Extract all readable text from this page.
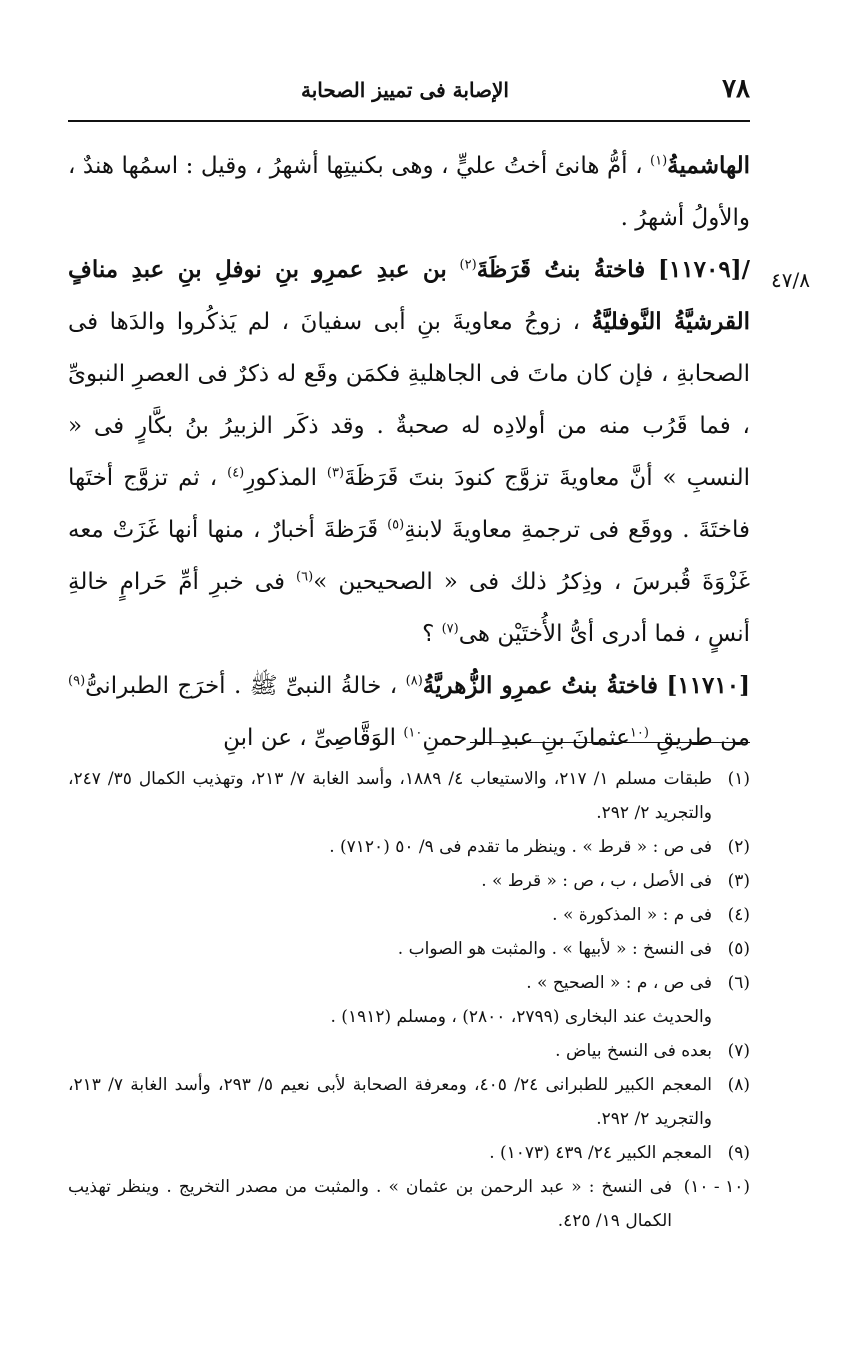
٧٨
الإصابة فى تمييز الصحابة
٤٧/٨

الهاشميةُ$^{(١)}$ ، أمُّ هانئ أختُ عليٍّ ، وهى بكنيتِها أشهرُ ، وقيل : اسمُها هندٌ ، والأولُ أشهرُ .

/[١١٧٠٩] فاختةُ بنتُ قَرَظَةَ$^{(٢)}$ بن عبدِ عمرِو بنِ نوفلِ بنِ عبدِ منافٍ القرشيَّةُ النَّوفليَّةُ ، زوجُ معاويةَ بنِ أبى سفيانَ ، لم يَذكُروا والدَها فى الصحابةِ ، فإن كان ماتَ فى الجاهليةِ فكمَن وقَع له ذكرٌ فى العصرِ النبوىِّ ، فما قَرُب منه من أولادِه له صحبةٌ . وقد ذكَر الزبيرُ بنُ بكَّارٍ فى « النسبِ » أنَّ معاويةَ تزوَّج كنودَ بنتَ قَرَظَةَ$^{(٣)}$ المذكورِ$^{(٤)}$ ، ثم تزوَّج أختَها فاختَةَ . ووقَع فى ترجمةِ معاويةَ لابنةِ$^{(٥)}$ قَرَظةَ أخبارٌ ، منها أنها غَزَتْ معه غَزْوَةَ قُبرسَ ، وذِكرُ ذلك فى « الصحيحين »$^{(٦)}$ فى خبرِ أمِّ حَرامٍ خالةِ أنسٍ ، فما أدرى أىُّ الأُختَيْن هى$^{(٧)}$ ؟

[١١٧١٠] فاختةُ بنتُ عمرِو الزُّهريَّةُ$^{(٨)}$ ، خالةُ النبىِّ ﷺ . أخرَج الطبرانىُّ$^{(٩)}$ من طريقِ $^{(١٠}$عثمانَ بنِ عبدِ الرحمنِ$^{١٠)}$ الوَقَّاصِىِّ ، عن ابنِ

(١)طبقات مسلم ١/ ٢١٧، والاستيعاب ٤/ ١٨٨٩، وأسد الغابة ٧/ ٢١٣، وتهذيب الكمال ٣٥/ ٢٤٧، والتجريد ٢/ ٢٩٢.

(٢)فى ص : « قرط » . وينظر ما تقدم فى ٩/ ٥٠ (٧١٢٠) .

(٣)فى الأصل ، ب ، ص : « قرط » .

(٤)فى م : « المذكورة » .

(٥)فى النسخ : « لأبيها » . والمثبت هو الصواب .

(٦)فى ص ، م : « الصحيح » .

والحديث عند البخارى (٢٧٩٩، ٢٨٠٠) ، ومسلم (١٩١٢) .

(٧)بعده فى النسخ بياض .

(٨)المعجم الكبير للطبرانى ٢٤/ ٤٠٥، ومعرفة الصحابة لأبى نعيم ٥/ ٢٩٣، وأسد الغابة ٧/ ٢١٣، والتجريد ٢/ ٢٩٢.

(٩)المعجم الكبير ٢٤/ ٤٣٩ (١٠٧٣) .

(١٠ - ١٠)فى النسخ : « عبد الرحمن بن عثمان » . والمثبت من مصدر التخريج . وينظر تهذيب الكمال ١٩/ ٤٢٥.
